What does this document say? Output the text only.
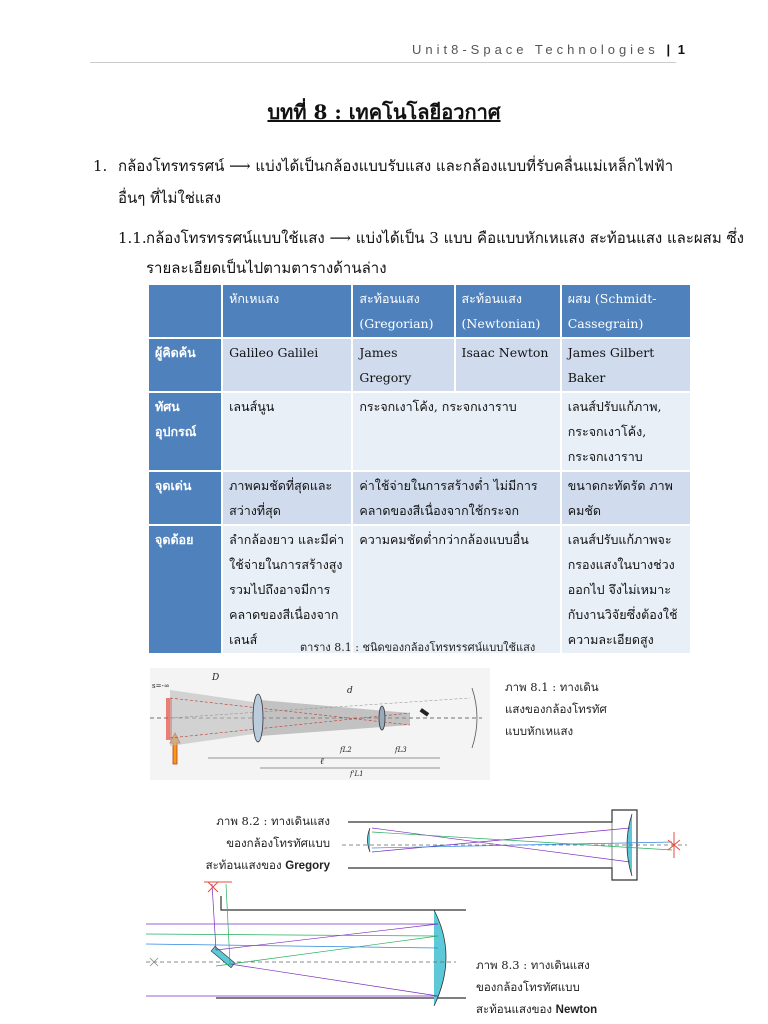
Unit8-Space Technologies | 1
บทที่ 8 : เทคโนโลยีอวกาศ
1. กล้องโทรทรรศน์ ⟶ แบ่งได้เป็นกล้องแบบรับแสง และกล้องแบบที่รับคลื่นแม่เหล็กไฟฟ้า
อื่นๆ ที่ไม่ใช่แสง
1.1. กล้องโทรทรรศน์แบบใช้แสง ⟶ แบ่งได้เป็น 3 แบบ คือแบบหักเหแสง สะท้อนแสง และผสม ซึ่ง
รายละเอียดเป็นไปตามตารางด้านล่าง
	หักเหแสง	สะท้อนแสง (Gregorian)	สะท้อนแสง (Newtonian)	ผสม (Schmidt-Cassegrain)
ผู้คิดค้น	Galileo Galilei	James Gregory	Isaac Newton	James Gilbert Baker
ทัศนอุปกรณ์	เลนส์นูน	กระจกเงาโค้ง, กระจกเงาราบ		เลนส์ปรับแก้ภาพ, กระจกเงาโค้ง, กระจกเงาราบ
จุดเด่น	ภาพคมชัดที่สุดและสว่างที่สุด	ค่าใช้จ่ายในการสร้างต่ำ ไม่มีการคลาดของสีเนื่องจากใช้กระจก		ขนาดกะทัดรัด ภาพคมชัด
จุดด้อย	ลำกล้องยาว และมีค่าใช้จ่ายในการสร้างสูง รวมไปถึงอาจมีการคลาดของสีเนื่องจากเลนส์	ความคมชัดต่ำกว่ากล้องแบบอื่น		เลนส์ปรับแก้ภาพจะกรองแสงในบางช่วงออกไป จึงไม่เหมาะกับงานวิจัยซึ่งต้องใช้ความละเอียดสูง
ตาราง 8.1 : ชนิดของกล้องโทรทรรศน์แบบใช้แสง
s=-∞
D
d
ℓ
fL2	fL3
f'L1
ภาพ 8.1 : ทางเดิน
แสงของกล้องโทรทัศ
แบบหักเหแสง
ภาพ 8.2 : ทางเดินแสง
ของกล้องโทรทัศแบบ
สะท้อนแสงของ Gregory
ภาพ 8.3 : ทางเดินแสง
ของกล้องโทรทัศแบบ
สะท้อนแสงของ Newton
